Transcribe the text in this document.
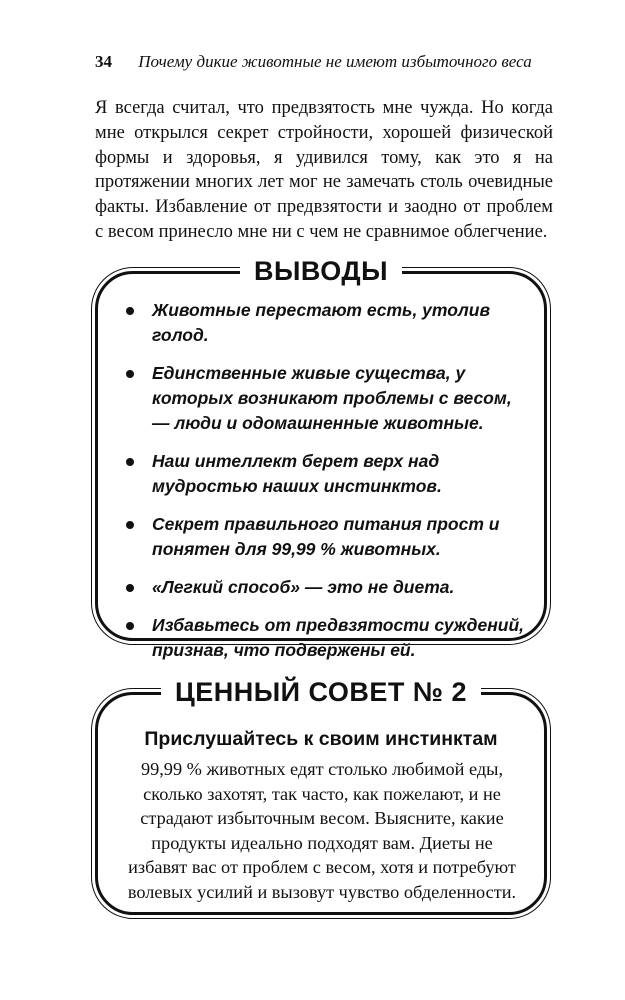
34 Почему дикие животные не имеют избыточного веса

Я всегда считал, что предвзятость мне чужда. Но когда мне открылся секрет стройности, хорошей физической формы и здоровья, я удивился тому, как это я на протяжении многих лет мог не замечать столь очевидные факты. Избавление от предвзятости и заодно от проблем с весом принесло мне ни с чем не сравнимое облегчение.

ВЫВОДЫ
Животные перестают есть, утолив голод.
Единственные живые существа, у которых возникают проблемы с весом, — люди и одомашненные животные.
Наш интеллект берет верх над мудростью наших инстинктов.
Секрет правильного питания прост и понятен для 99,99 % животных.
«Легкий способ» — это не диета.
Избавьтесь от предвзятости суждений, признав, что подвержены ей.
ЦЕННЫЙ СОВЕТ № 2
Прислушайтесь к своим инстинктам

99,99 % животных едят столько любимой еды, сколько захотят, так часто, как пожелают, и не страдают избыточным весом. Выясните, какие продукты идеально подходят вам. Диеты не избавят вас от проблем с весом, хотя и потребуют волевых усилий и вызовут чувство обделенности.
